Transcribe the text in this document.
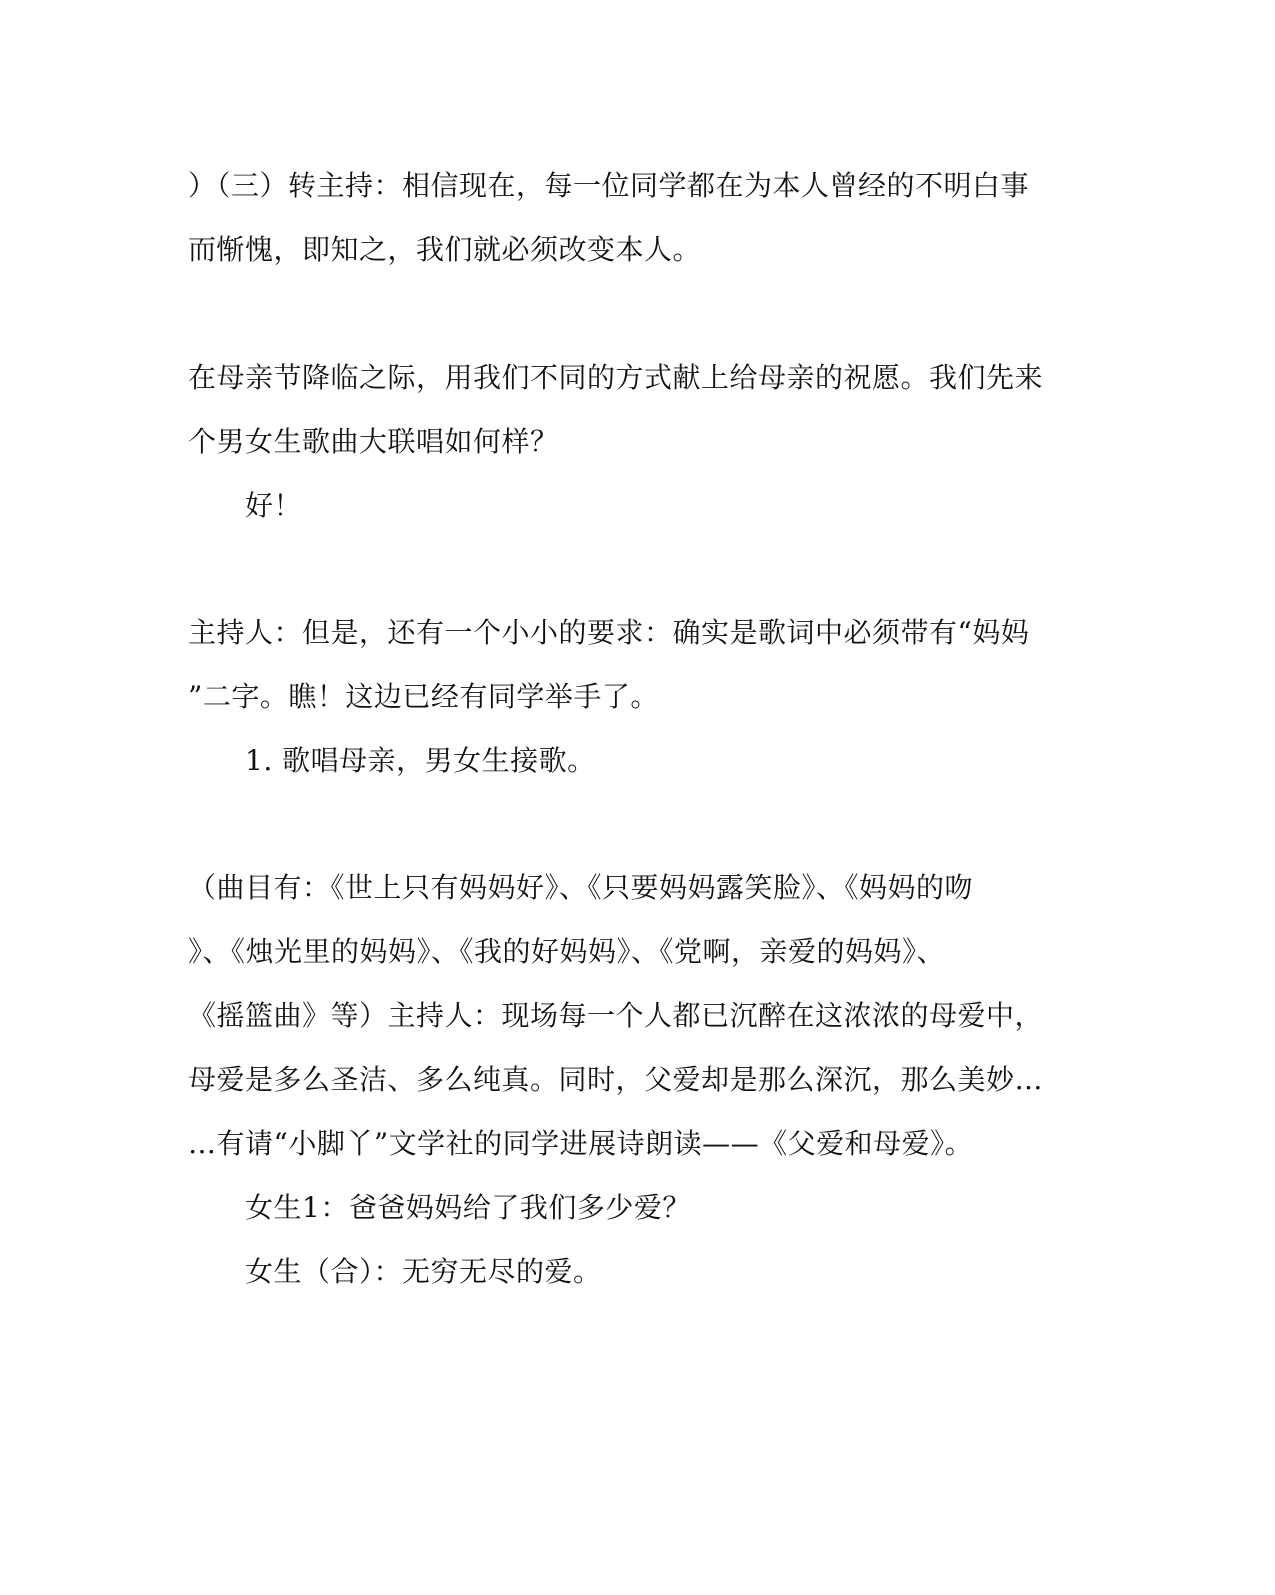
）（三）转主持：相信现在，每一位同学都在为本人曾经的不明白事
而惭愧，即知之，我们就必须改变本人。
在母亲节降临之际，用我们不同的方式献上给母亲的祝愿。我们先来
个男女生歌曲大联唱如何样？
好！
主持人：但是，还有一个小小的要求：确实是歌词中必须带有“妈妈
”二字。瞧！这边已经有同学举手了。
1. 歌唱母亲，男女生接歌。
（曲目有：《世上只有妈妈好》、《只要妈妈露笑脸》、《妈妈的吻
》、《烛光里的妈妈》、《我的好妈妈》、《党啊，亲爱的妈妈》、
《摇篮曲》等）主持人：现场每一个人都已沉醉在这浓浓的母爱中，
母爱是多么圣洁、多么纯真。同时，父爱却是那么深沉，那么美妙…
…有请“小脚丫”文学社的同学进展诗朗读——《父爱和母爱》。
女生1：爸爸妈妈给了我们多少爱？
女生（合）：无穷无尽的爱。
